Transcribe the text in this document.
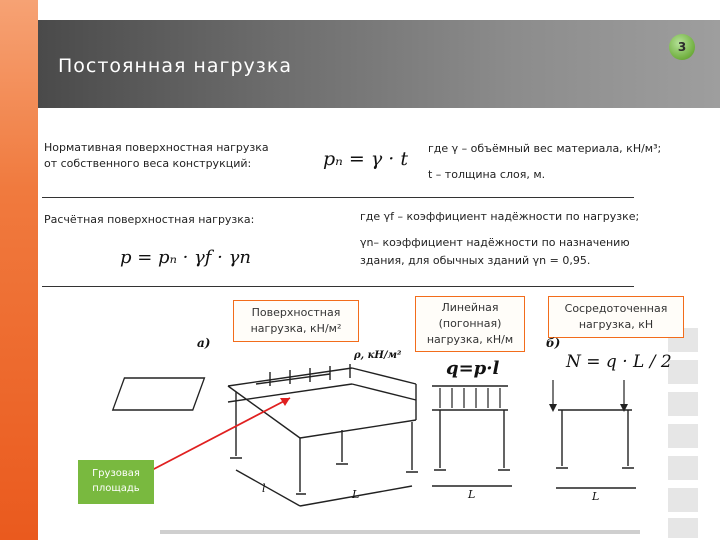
Постоянная нагрузка
3
Нормативная поверхностная нагрузка
от собственного веса конструкций:	pₙ = γ · t где γ – объёмный вес материала, кН/м³;
t – толщина слоя, м.
Расчётная поверхностная нагрузка:
p = pₙ · γf · γn
где γf – коэффициент надёжности по нагрузке;
γn– коэффициент надёжности по назначению
здания, для обычных зданий γn = 0,95.
Поверхностная
нагрузка, кН/м²
Линейная
(погонная)
нагрузка, кН/м
Сосредоточенная
нагрузка, кН
а)	б)
ρ, кН/м²
q=p·l	N = q · L / 2
l	L	L	L
Грузовая
площадь
